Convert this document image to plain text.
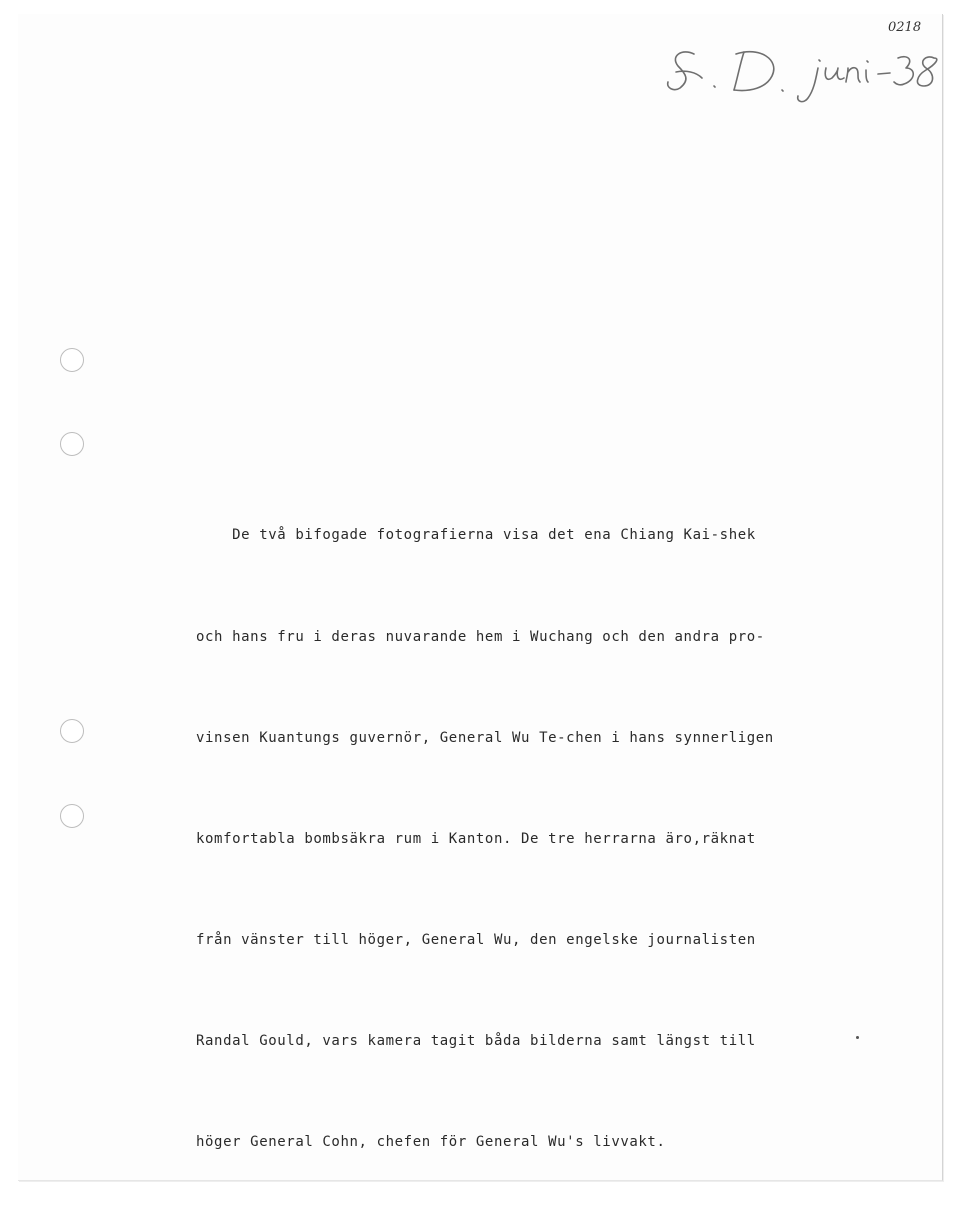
0218

De två bifogade fotografierna visa det ena Chiang Kai-shek

och hans fru i deras nuvarande hem i Wuchang och den andra pro-

vinsen Kuantungs guvernör, General Wu Te-chen i hans synnerligen

komfortabla bombsäkra rum i Kanton. De tre herrarna äro,räknat

från vänster till höger, General Wu, den engelske journalisten

Randal Gould, vars kamera tagit båda bilderna samt längst till

höger General Cohn, chefen för General Wu's livvakt.
